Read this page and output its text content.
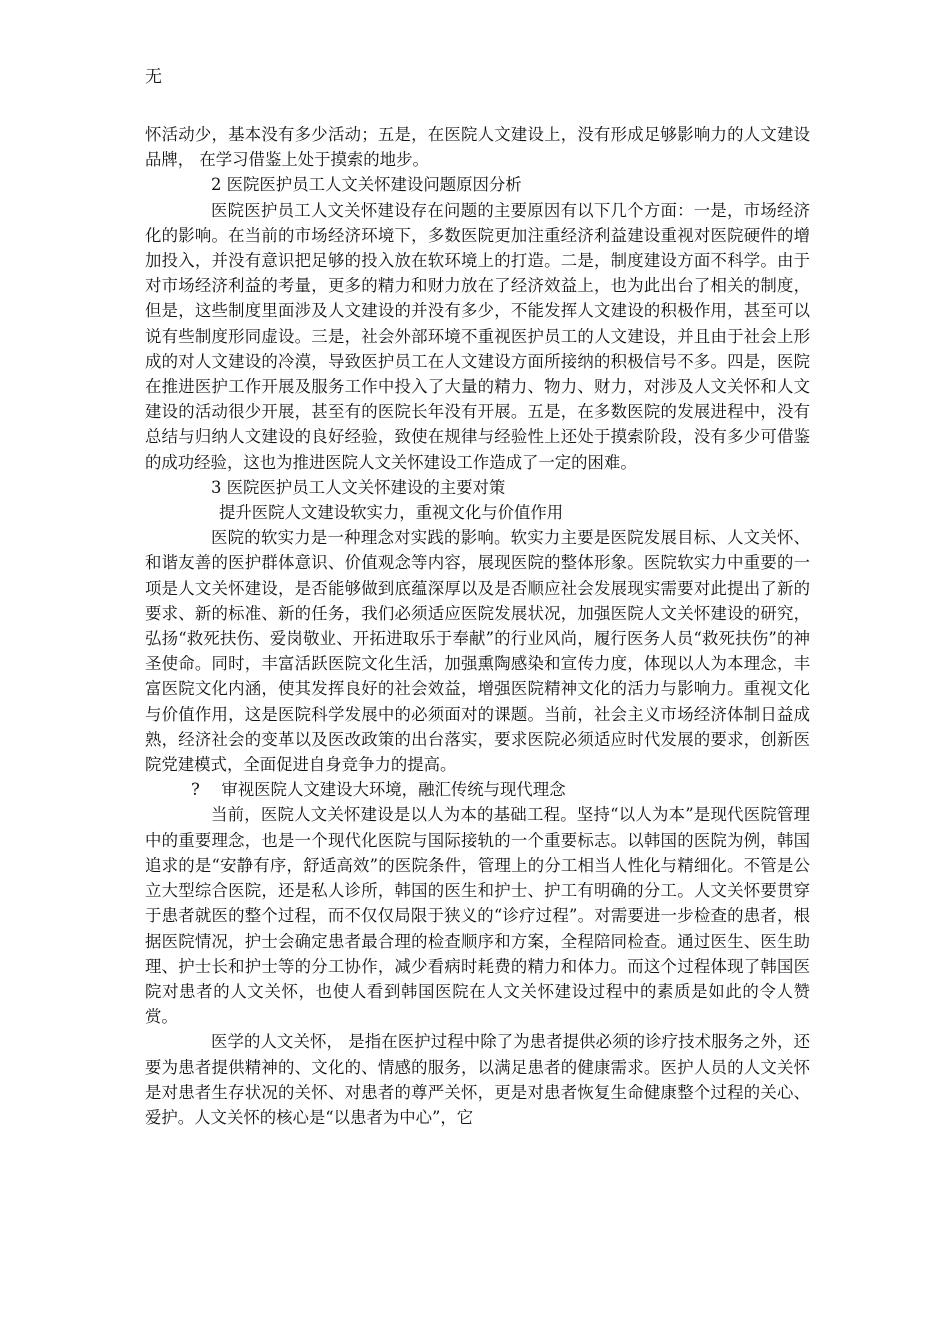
无

怀活动少，基本没有多少活动；五是，在医院人文建设上，没有形成足够影响力的人文建设品牌， 在学习借鉴上处于摸索的地步。

2 医院医护员工人文关怀建设问题原因分析

医院医护员工人文关怀建设存在问题的主要原因有以下几个方面：一是，市场经济化的影响。在当前的市场经济环境下，多数医院更加注重经济利益建设重视对医院硬件的增加投入，并没有意识把足够的投入放在软环境上的打造。二是，制度建设方面不科学。由于对市场经济利益的考量，更多的精力和财力放在了经济效益上，也为此出台了相关的制度，但是，这些制度里面涉及人文建设的并没有多少，不能发挥人文建设的积极作用，甚至可以说有些制度形同虚设。三是，社会外部环境不重视医护员工的人文建设，并且由于社会上形成的对人文建设的冷漠，导致医护员工在人文建设方面所接纳的积极信号不多。四是，医院在推进医护工作开展及服务工作中投入了大量的精力、物力、财力，对涉及人文关怀和人文建设的活动很少开展，甚至有的医院长年没有开展。五是，在多数医院的发展进程中，没有总结与归纳人文建设的良好经验，致使在规律与经验性上还处于摸索阶段，没有多少可借鉴的成功经验，这也为推进医院人文关怀建设工作造成了一定的困难。

3 医院医护员工人文关怀建设的主要对策

提升医院人文建设软实力，重视文化与价值作用

医院的软实力是一种理念对实践的影响。软实力主要是医院发展目标、人文关怀、和谐友善的医护群体意识、价值观念等内容，展现医院的整体形象。医院软实力中重要的一项是人文关怀建设，是否能够做到底蕴深厚以及是否顺应社会发展现实需要对此提出了新的要求、新的标准、新的任务，我们必须适应医院发展状况，加强医院人文关怀建设的研究，弘扬“救死扶伤、爱岗敬业、开拓进取乐于奉献”的行业风尚，履行医务人员“救死扶伤”的神圣使命。同时，丰富活跃医院文化生活，加强熏陶感染和宣传力度，体现以人为本理念，丰富医院文化内涵，使其发挥良好的社会效益，增强医院精神文化的活力与影响力。重视文化与价值作用，这是医院科学发展中的必须面对的课题。当前，社会主义市场经济体制日益成熟，经济社会的变革以及医改政策的出台落实，要求医院必须适应时代发展的要求，创新医院党建模式，全面促进自身竞争力的提高。

?　 审视医院人文建设大环境，融汇传统与现代理念

当前，医院人文关怀建设是以人为本的基础工程。坚持“以人为本”是现代医院管理中的重要理念，也是一个现代化医院与国际接轨的一个重要标志。以韩国的医院为例，韩国追求的是“安静有序，舒适高效”的医院条件，管理上的分工相当人性化与精细化。不管是公立大型综合医院，还是私人诊所，韩国的医生和护士、护工有明确的分工。人文关怀要贯穿于患者就医的整个过程，而不仅仅局限于狭义的“诊疗过程”。对需要进一步检查的患者，根据医院情况，护士会确定患者最合理的检查顺序和方案，全程陪同检查。通过医生、医生助理、护士长和护士等的分工协作，减少看病时耗费的精力和体力。而这个过程体现了韩国医院对患者的人文关怀，也使人看到韩国医院在人文关怀建设过程中的素质是如此的令人赞赏。

医学的人文关怀， 是指在医护过程中除了为患者提供必须的诊疗技术服务之外，还要为患者提供精神的、文化的、情感的服务，以满足患者的健康需求。医护人员的人文关怀是对患者生存状况的关怀、对患者的尊严关怀，更是对患者恢复生命健康整个过程的关心、爱护。人文关怀的核心是“以患者为中心”，它
